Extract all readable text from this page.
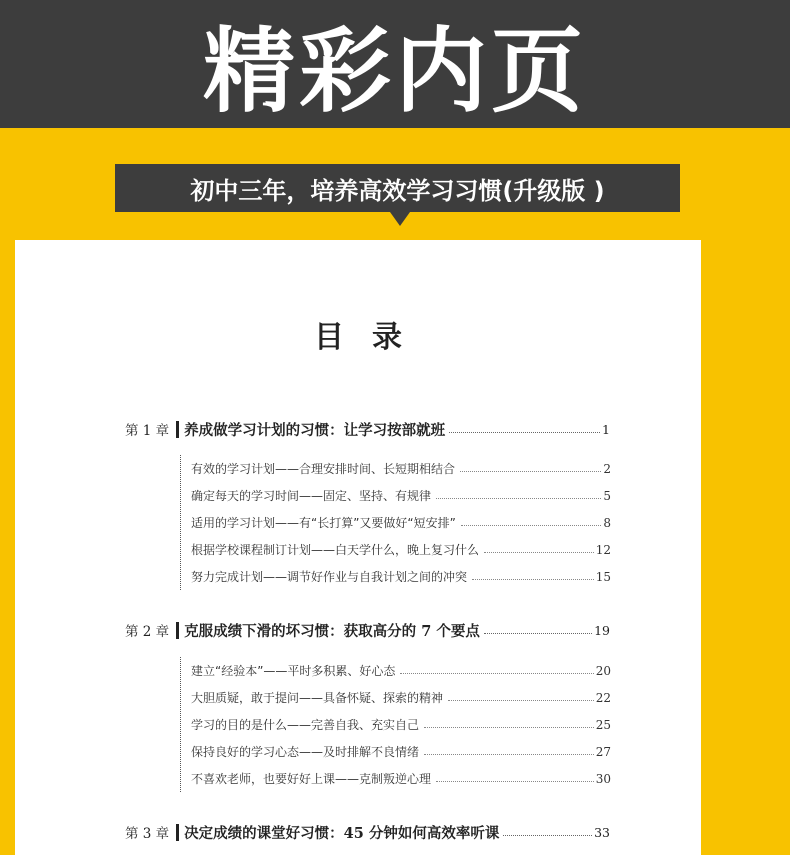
精彩内页
初中三年，培养高效学习习惯(升级版 )
目录
第 1 章 养成做学习计划的习惯：让学习按部就班	1
有效的学习计划——合理安排时间、长短期相结合	2
确定每天的学习时间——固定、坚持、有规律	5
适用的学习计划——有“长打算”又要做好“短安排”	8
根据学校课程制订计划——白天学什么，晚上复习什么	12
努力完成计划——调节好作业与自我计划之间的冲突	15
第 2 章 克服成绩下滑的坏习惯：获取高分的 7 个要点	19
建立“经验本”——平时多积累、好心态	20
大胆质疑，敢于提问——具备怀疑、探索的精神	22
学习的目的是什么——完善自我、充实自己	25
保持良好的学习心态——及时排解不良情绪	27
不喜欢老师，也要好好上课——克制叛逆心理	30
第 3 章 决定成绩的课堂好习惯：45 分钟如何高效率听课	33
